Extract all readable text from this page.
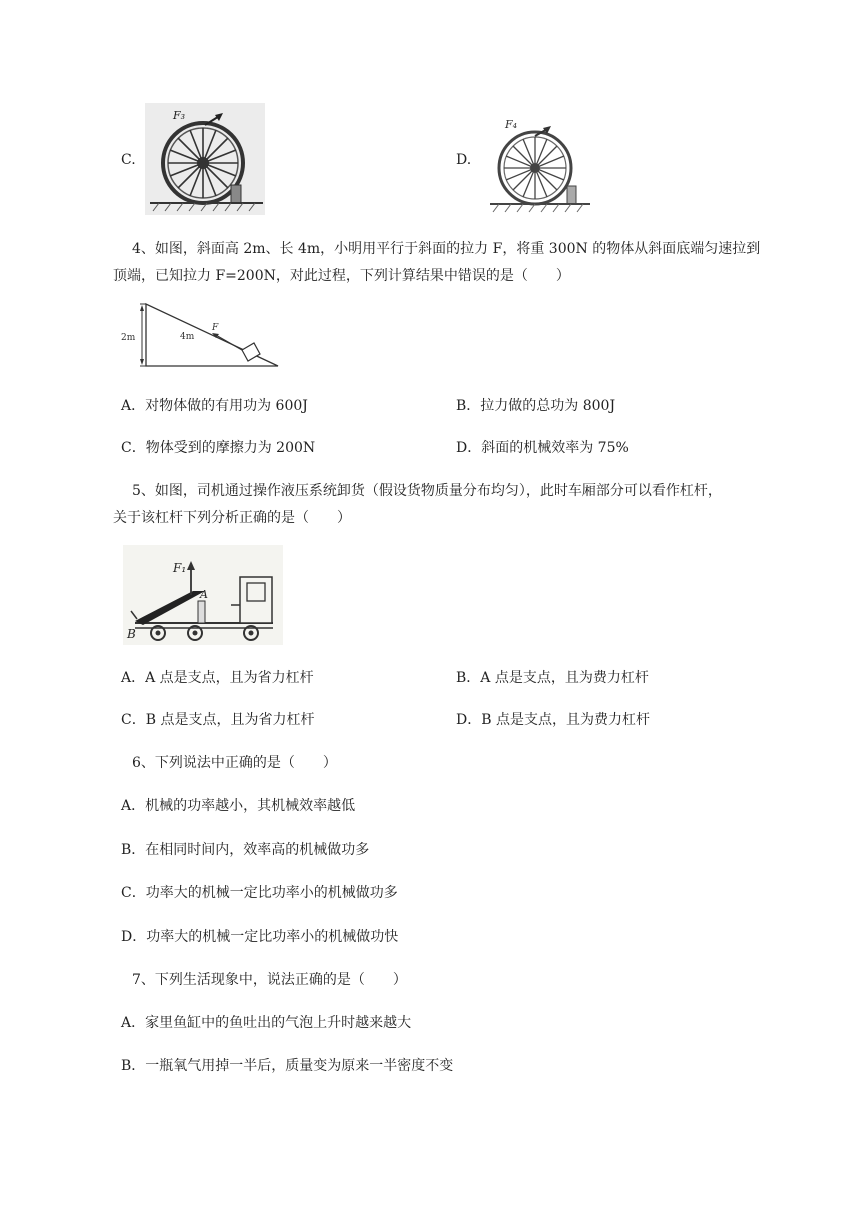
C.
F₃
D.
F₄
4、如图，斜面高 2m、长 4m，小明用平行于斜面的拉力 F，将重 300N 的物体从斜面底端匀速拉到
顶端，已知拉力 F=200N，对此过程，下列计算结果中错误的是（　　）
2m	4m
F
A．对物体做的有用功为 600J	B．拉力做的总功为 800J
C．物体受到的摩擦力为 200N	D．斜面的机械效率为 75%
5、如图，司机通过操作液压系统卸货（假设货物质量分布均匀），此时车厢部分可以看作杠杆，
关于该杠杆下列分析正确的是（　　）
F₁
A
B
A．A 点是支点，且为省力杠杆	B．A 点是支点，且为费力杠杆
C．B 点是支点，且为省力杠杆	D．B 点是支点，且为费力杠杆
6、下列说法中正确的是（　　）
A．机械的功率越小，其机械效率越低
B．在相同时间内，效率高的机械做功多
C．功率大的机械一定比功率小的机械做功多
D．功率大的机械一定比功率小的机械做功快
7、下列生活现象中，说法正确的是（　　）
A．家里鱼缸中的鱼吐出的气泡上升时越来越大
B．一瓶氧气用掉一半后，质量变为原来一半密度不变
